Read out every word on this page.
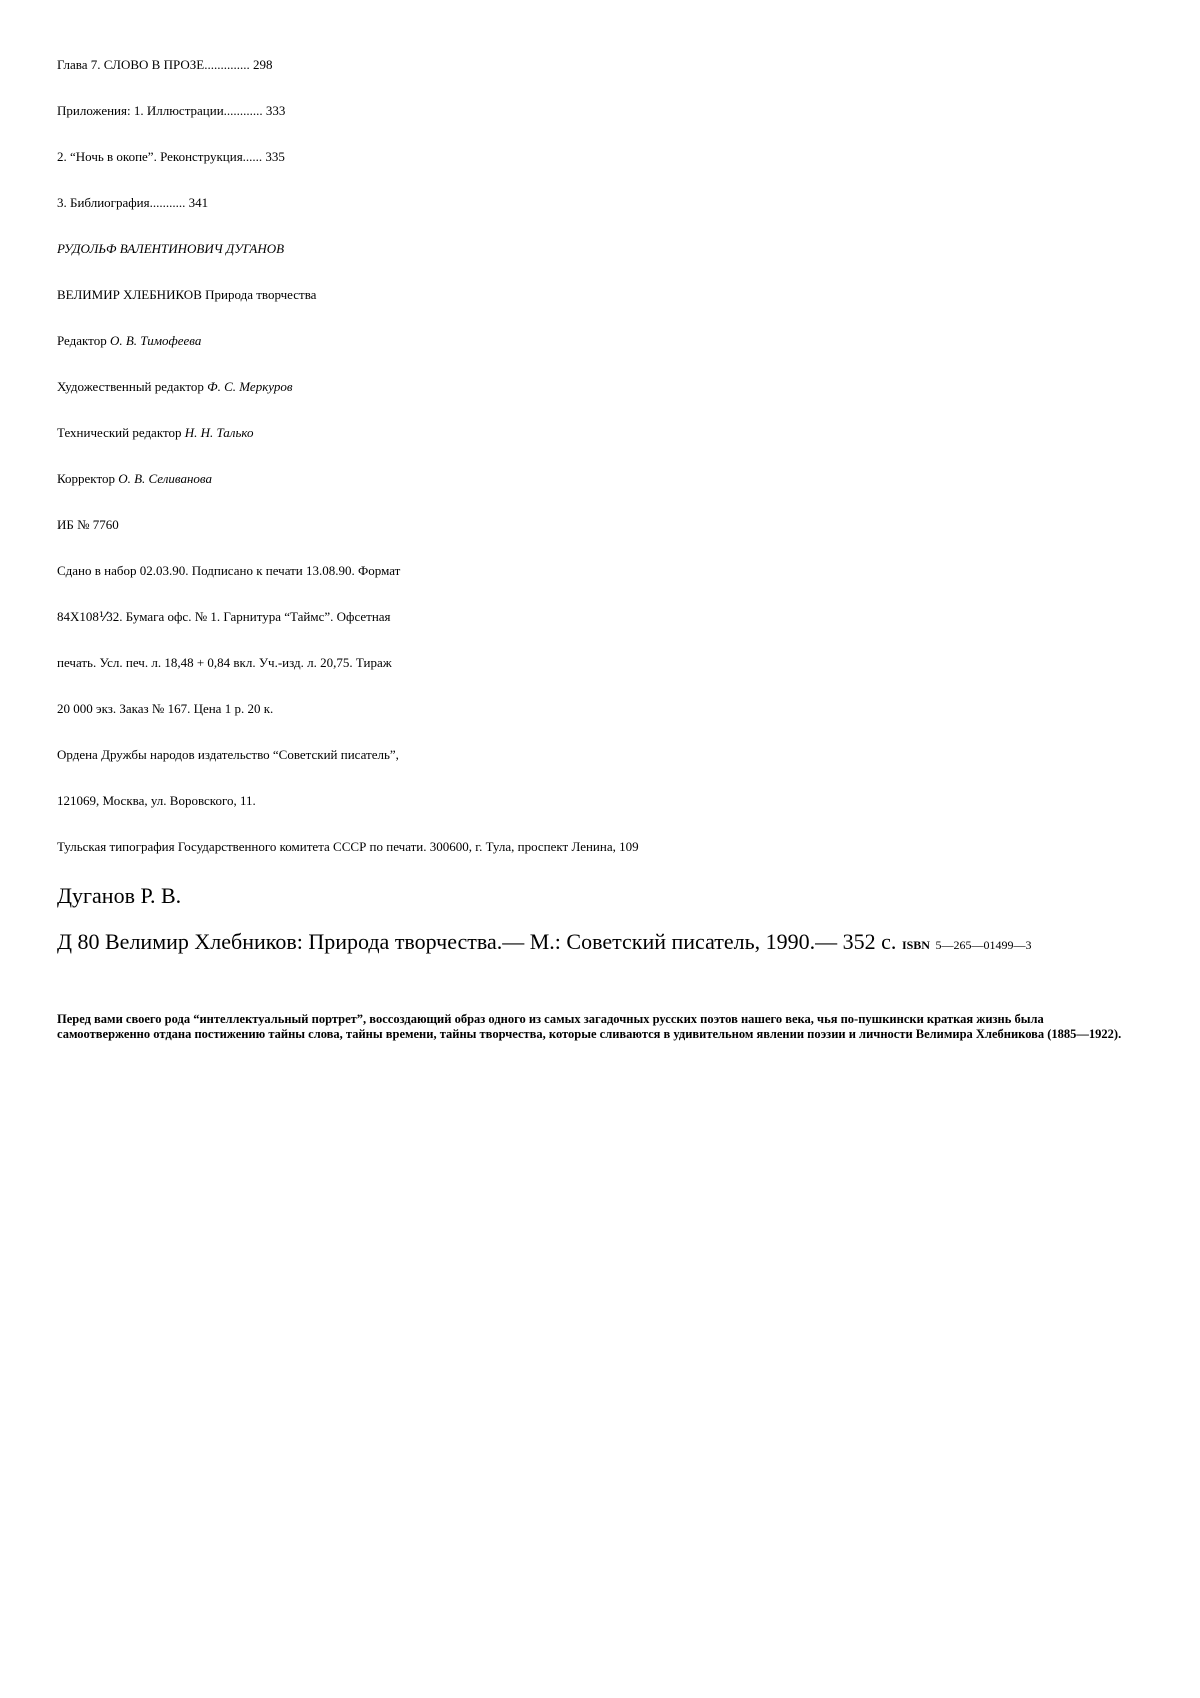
Глава 7. СЛОВО В ПРОЗЕ.............. 298
Приложения: 1. Иллюстрации............ 333
2. “Ночь в окопе”. Реконструкция...... 335
3. Библиография........... 341
РУДОЛЬФ ВАЛЕНТИНОВИЧ ДУГАНОВ
ВЕЛИМИР ХЛЕБНИКОВ Природа творчества
Редактор О. В. Тимофеева
Художественный редактор Ф. С. Меркуров
Технический редактор Н. Н. Талько
Корректор О. В. Селиванова
ИБ № 7760
Сдано в набор 02.03.90. Подписано к печати 13.08.90. Формат
84Х108⅟32. Бумага офс. № 1. Гарнитура “Таймс”. Офсетная
печать. Усл. печ. л. 18,48 + 0,84 вкл. Уч.-изд. л. 20,75. Тираж
20 000 экз. Заказ № 167. Цена 1 р. 20 к.
Ордена Дружбы народов издательство “Советский писатель”,
121069, Москва, ул. Воровского, 11.
Тульская типография Государственного комитета СССР по печати. 300600, г. Тула, проспект Ленина, 109
Дуганов Р. В.
Д 80 Велимир Хлебников: Природа творчества.— М.: Советский писатель, 1990.— 352 с. ISBN 5—265—01499—3
Перед вами своего рода “интеллектуальный портрет”, воссоздающий образ одного из самых загадочных русских поэтов нашего века, чья по-пушкински краткая жизнь была самоотверженно отдана постижению тайны слова, тайны времени, тайны творчества, которые сливаются в удивительном явлении поэзии и личности Велимира Хлебникова (1885—1922).
